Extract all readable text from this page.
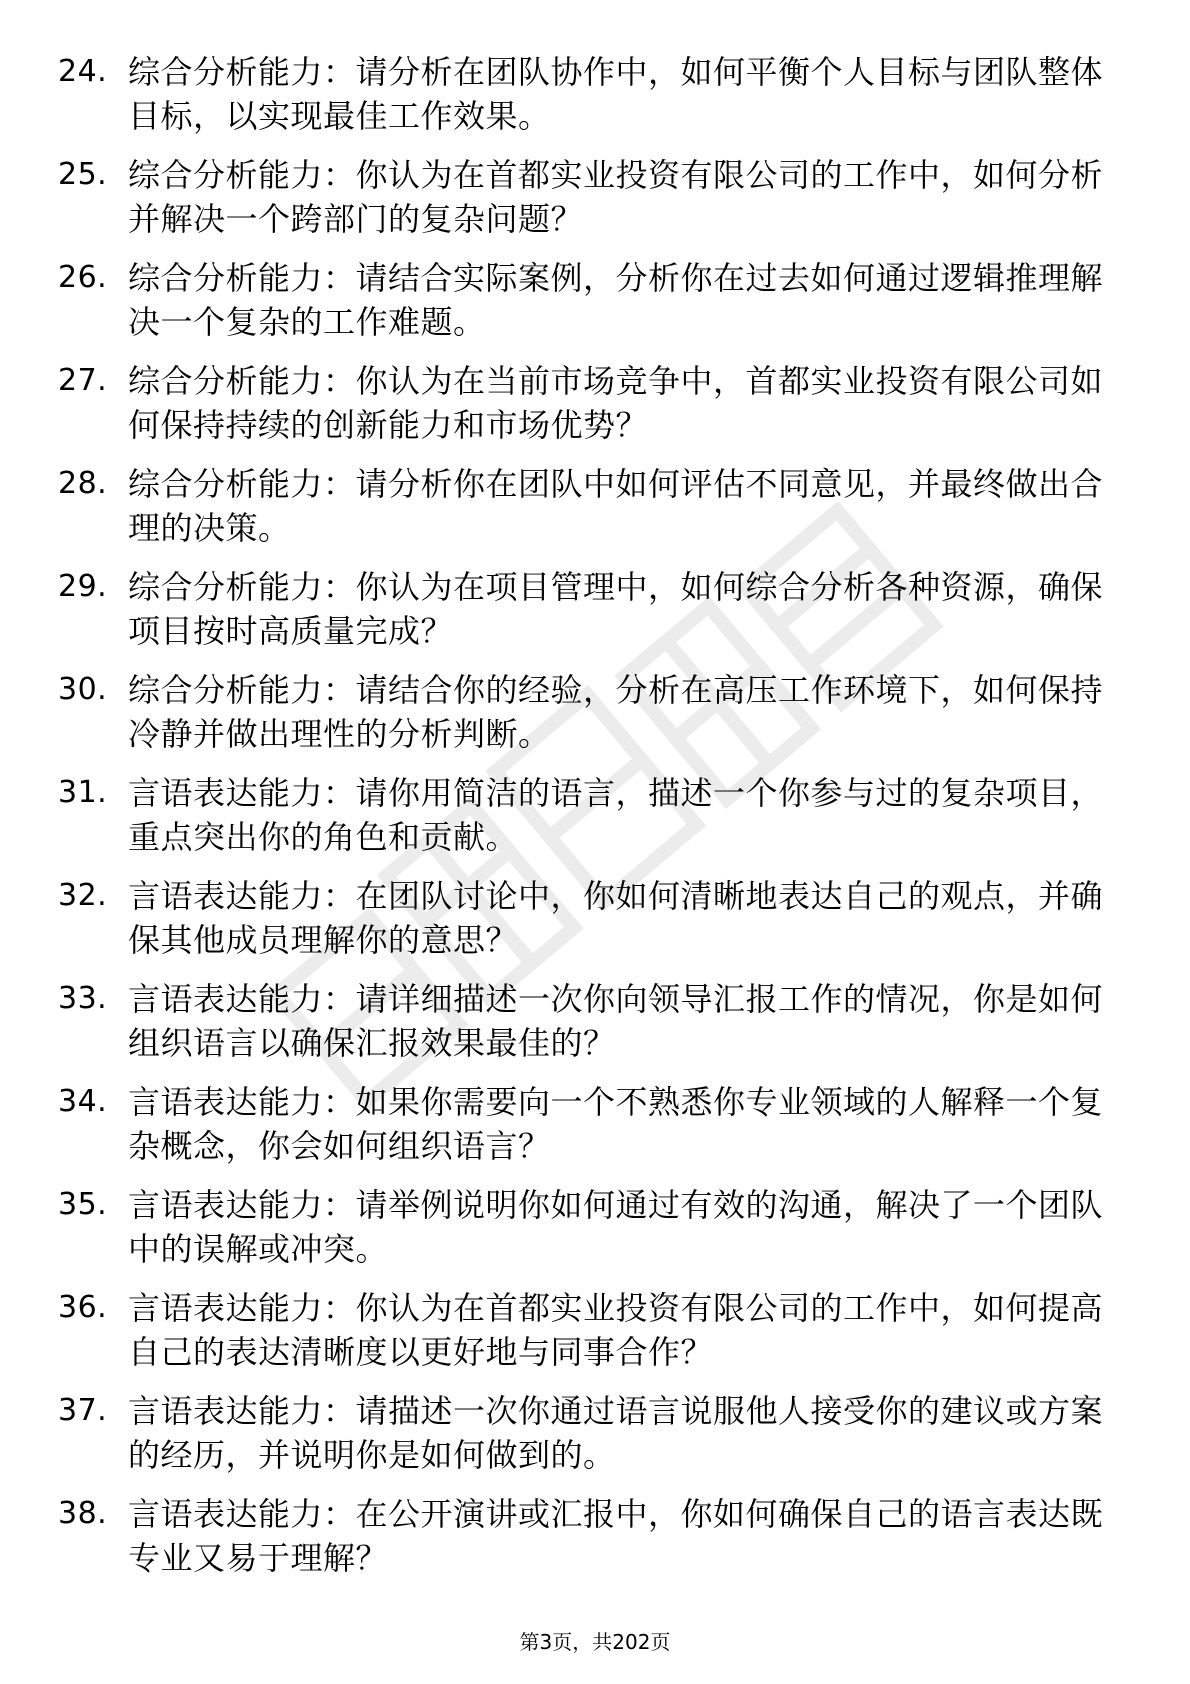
24. 综合分析能力：请分析在团队协作中，如何平衡个人目标与团队整体目标，以实现最佳工作效果。
25. 综合分析能力：你认为在首都实业投资有限公司的工作中，如何分析并解决一个跨部门的复杂问题？
26. 综合分析能力：请结合实际案例，分析你在过去如何通过逻辑推理解决一个复杂的工作难题。
27. 综合分析能力：你认为在当前市场竞争中，首都实业投资有限公司如何保持持续的创新能力和市场优势？
28. 综合分析能力：请分析你在团队中如何评估不同意见，并最终做出合理的决策。
29. 综合分析能力：你认为在项目管理中，如何综合分析各种资源，确保项目按时高质量完成？
30. 综合分析能力：请结合你的经验，分析在高压工作环境下，如何保持冷静并做出理性的分析判断。
31. 言语表达能力：请你用简洁的语言，描述一个你参与过的复杂项目，重点突出你的角色和贡献。
32. 言语表达能力：在团队讨论中，你如何清晰地表达自己的观点，并确保其他成员理解你的意思？
33. 言语表达能力：请详细描述一次你向领导汇报工作的情况，你是如何组织语言以确保汇报效果最佳的？
34. 言语表达能力：如果你需要向一个不熟悉你专业领域的人解释一个复杂概念，你会如何组织语言？
35. 言语表达能力：请举例说明你如何通过有效的沟通，解决了一个团队中的误解或冲突。
36. 言语表达能力：你认为在首都实业投资有限公司的工作中，如何提高自己的表达清晰度以更好地与同事合作？
37. 言语表达能力：请描述一次你通过语言说服他人接受你的建议或方案的经历，并说明你是如何做到的。
38. 言语表达能力：在公开演讲或汇报中，你如何确保自己的语言表达既专业又易于理解？
第3页，共202页
